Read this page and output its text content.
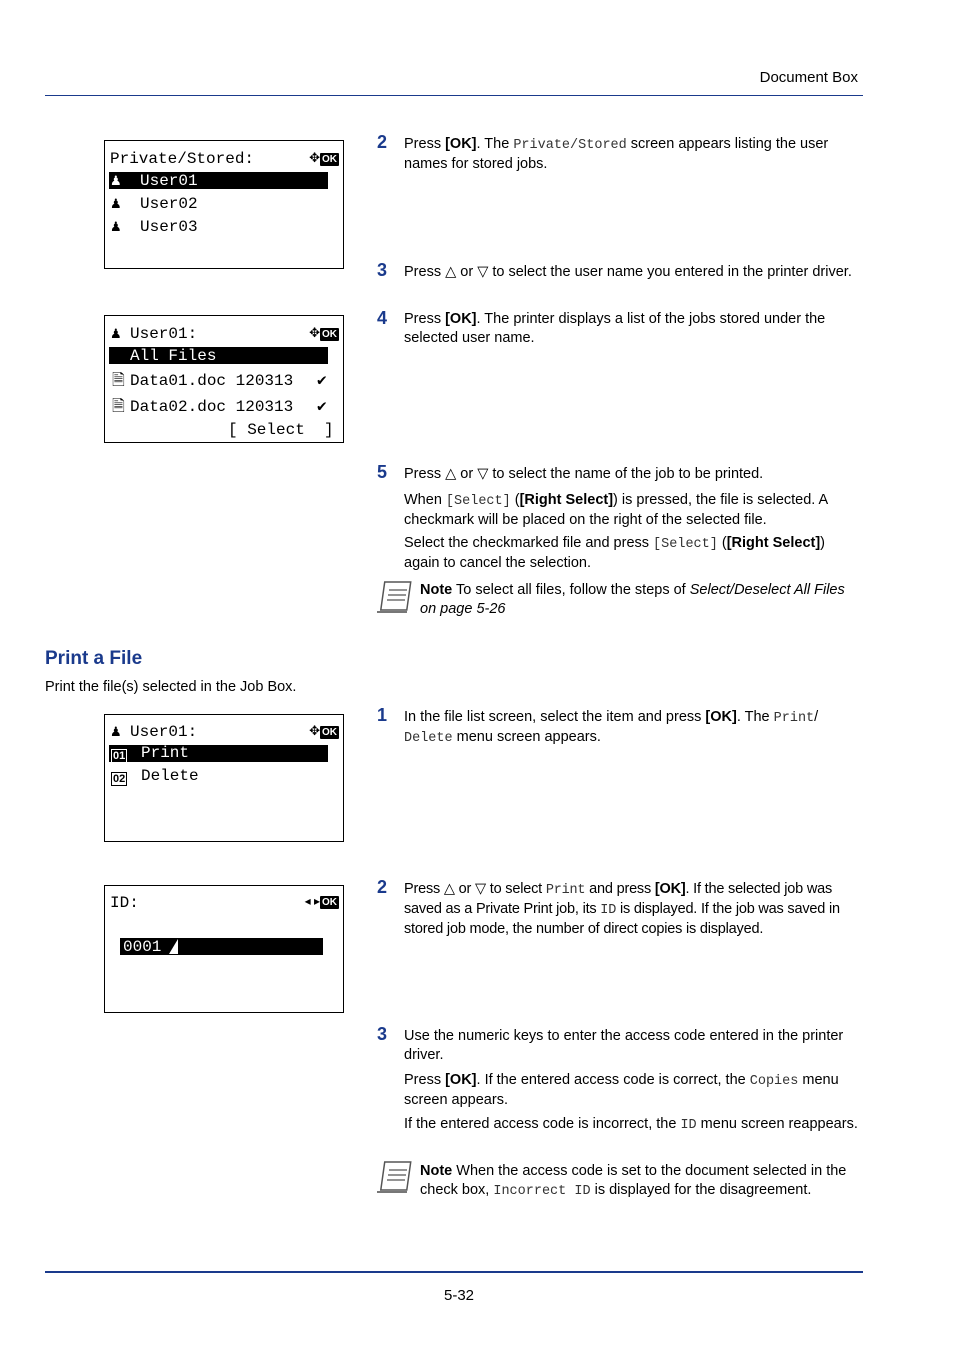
Document Box
Private/Stored:	✥ OK
♟ User01
♟ User02
♟ User03
♟ User01:	✥ OK
All Files
🗎 Data01.doc 120313 ✔
🗎 Data02.doc 120313 ✔
[ Select  ]
2 Press [OK]. The Private/Stored screen appears listing the user names for stored jobs.
3 Press △ or ▽ to select the user name you entered in the printer driver.
4 Press [OK]. The printer displays a list of the jobs stored under the selected user name.
5 Press △ or ▽ to select the name of the job to be printed.
When [Select] ([Right Select]) is pressed, the file is selected. A checkmark will be placed on the right of the selected file.
Select the checkmarked file and press [Select] ([Right Select]) again to cancel the selection.
Note To select all files, follow the steps of Select/Deselect All Files on page 5-26
Print a File
Print the file(s) selected in the Job Box.
♟ User01:	✥ OK
01 Print
02 Delete
ID:	◂ ▸ OK
0001
1 In the file list screen, select the item and press [OK]. The Print/
Delete menu screen appears.
2 Press △ or ▽ to select Print and press [OK]. If the selected job was saved as a Private Print job, its ID is displayed. If the job was saved in stored job mode, the number of direct copies is displayed.
3 Use the numeric keys to enter the access code entered in the printer driver.
Press [OK]. If the entered access code is correct, the Copies menu screen appears.
If the entered access code is incorrect, the ID menu screen reappears.
Note When the access code is set to the document selected in the check box, Incorrect ID is displayed for the disagreement.
5-32
